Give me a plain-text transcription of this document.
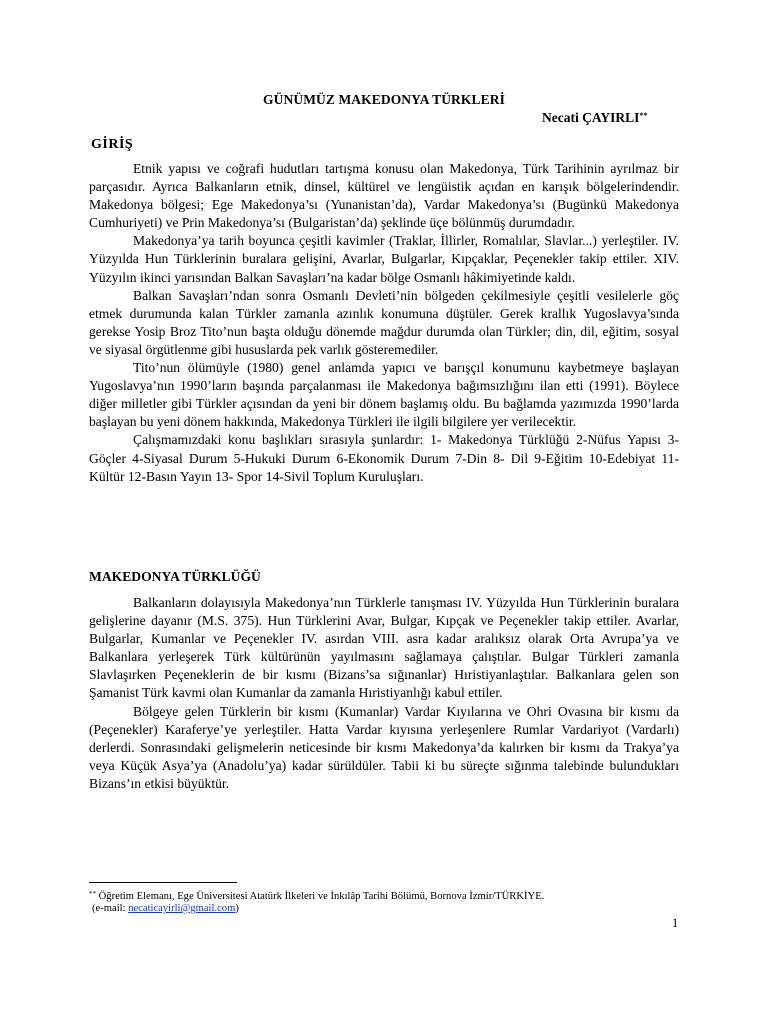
GÜNÜMÜZ MAKEDONYA TÜRKLERİ
Necati ÇAYIRLI**
GİRİŞ

Etnik yapısı ve coğrafi hudutları tartışma konusu olan Makedonya, Türk Tarihinin ayrılmaz bir parçasıdır. Ayrıca Balkanların etnik, dinsel, kültürel ve lengüistik açıdan en karışık bölgelerindendir. Makedonya bölgesi; Ege Makedonya’sı (Yunanistan’da), Vardar Makedonya’sı (Bugünkü Makedonya Cumhuriyeti) ve Prin Makedonya’sı (Bulgaristan’da) şeklinde üçe bölünmüş durumdadır.

Makedonya’ya tarih boyunca çeşitli kavimler (Traklar, İllirler, Romalılar, Slavlar...) yerleştiler. IV. Yüzyılda Hun Türklerinin buralara gelişini, Avarlar, Bulgarlar, Kıpçaklar, Peçenekler takip ettiler. XIV. Yüzyılın ikinci yarısından Balkan Savaşları’na kadar bölge Osmanlı hâkimiyetinde kaldı.

Balkan Savaşları’ndan sonra Osmanlı Devleti’nin bölgeden çekilmesiyle çeşitli vesilelerle göç etmek durumunda kalan Türkler zamanla azınlık konumuna düştüler. Gerek krallık Yugoslavya’sında gerekse Yosip Broz Tito’nun başta olduğu dönemde mağdur durumda olan Türkler; din, dil, eğitim, sosyal ve siyasal örgütlenme gibi hususlarda pek varlık gösteremediler.

Tito’nun ölümüyle (1980) genel anlamda yapıcı ve barışçıl konumunu kaybetmeye başlayan Yugoslavya’nın 1990’ların başında parçalanması ile Makedonya bağımsızlığını ilan etti (1991). Böylece diğer milletler gibi Türkler açısından da yeni bir dönem başlamış oldu. Bu bağlamda yazımızda 1990’larda başlayan bu yeni dönem hakkında, Makedonya Türkleri ile ilgili bilgilere yer verilecektir.

Çalışmamızdaki konu başlıkları sırasıyla şunlardır: 1- Makedonya Türklüğü 2-Nüfus Yapısı 3-Göçler 4-Siyasal Durum 5-Hukuki Durum 6-Ekonomik Durum 7-Din 8- Dil 9-Eğitim 10-Edebiyat 11-Kültür 12-Basın Yayın 13- Spor 14-Sivil Toplum Kuruluşları.

MAKEDONYA TÜRKLÜĞÜ

Balkanların dolayısıyla Makedonya’nın Türklerle tanışması IV. Yüzyılda Hun Türklerinin buralara gelişlerine dayanır (M.S. 375). Hun Türklerini Avar, Bulgar, Kıpçak ve Peçenekler takip ettiler. Avarlar, Bulgarlar, Kumanlar ve Peçenekler IV. asırdan VIII. asra kadar aralıksız olarak Orta Avrupa’ya ve Balkanlara yerleşerek Türk kültürünün yayılmasını sağlamaya çalıştılar. Bulgar Türkleri zamanla Slavlaşırken Peçeneklerin de bir kısmı (Bizans’sa sığınanlar) Hıristiyanlaştılar. Balkanlara gelen son Şamanist Türk kavmi olan Kumanlar da zamanla Hıristiyanlığı kabul ettiler.

Bölgeye gelen Türklerin bir kısmı (Kumanlar) Vardar Kıyılarına ve Ohri Ovasına bir kısmı da (Peçenekler) Karaferye’ye yerleştiler. Hatta Vardar kıyısına yerleşenlere Rumlar Vardariyot (Vardarlı) derlerdi. Sonrasındaki gelişmelerin neticesinde bir kısmı Makedonya’da kalırken bir kısmı da Trakya’ya veya Küçük Asya’ya (Anadolu’ya) kadar sürüldüler. Tabii ki bu süreçte sığınma talebinde bulundukları Bizans’ın etkisi büyüktür.

** Öğretim Elemanı, Ege Üniversitesi Atatürk İlkeleri ve İnkılâp Tarihi Bölümü, Bornova İzmir/TÜRKİYE.
(e-mail: necaticayirli@gmail.com)
1
